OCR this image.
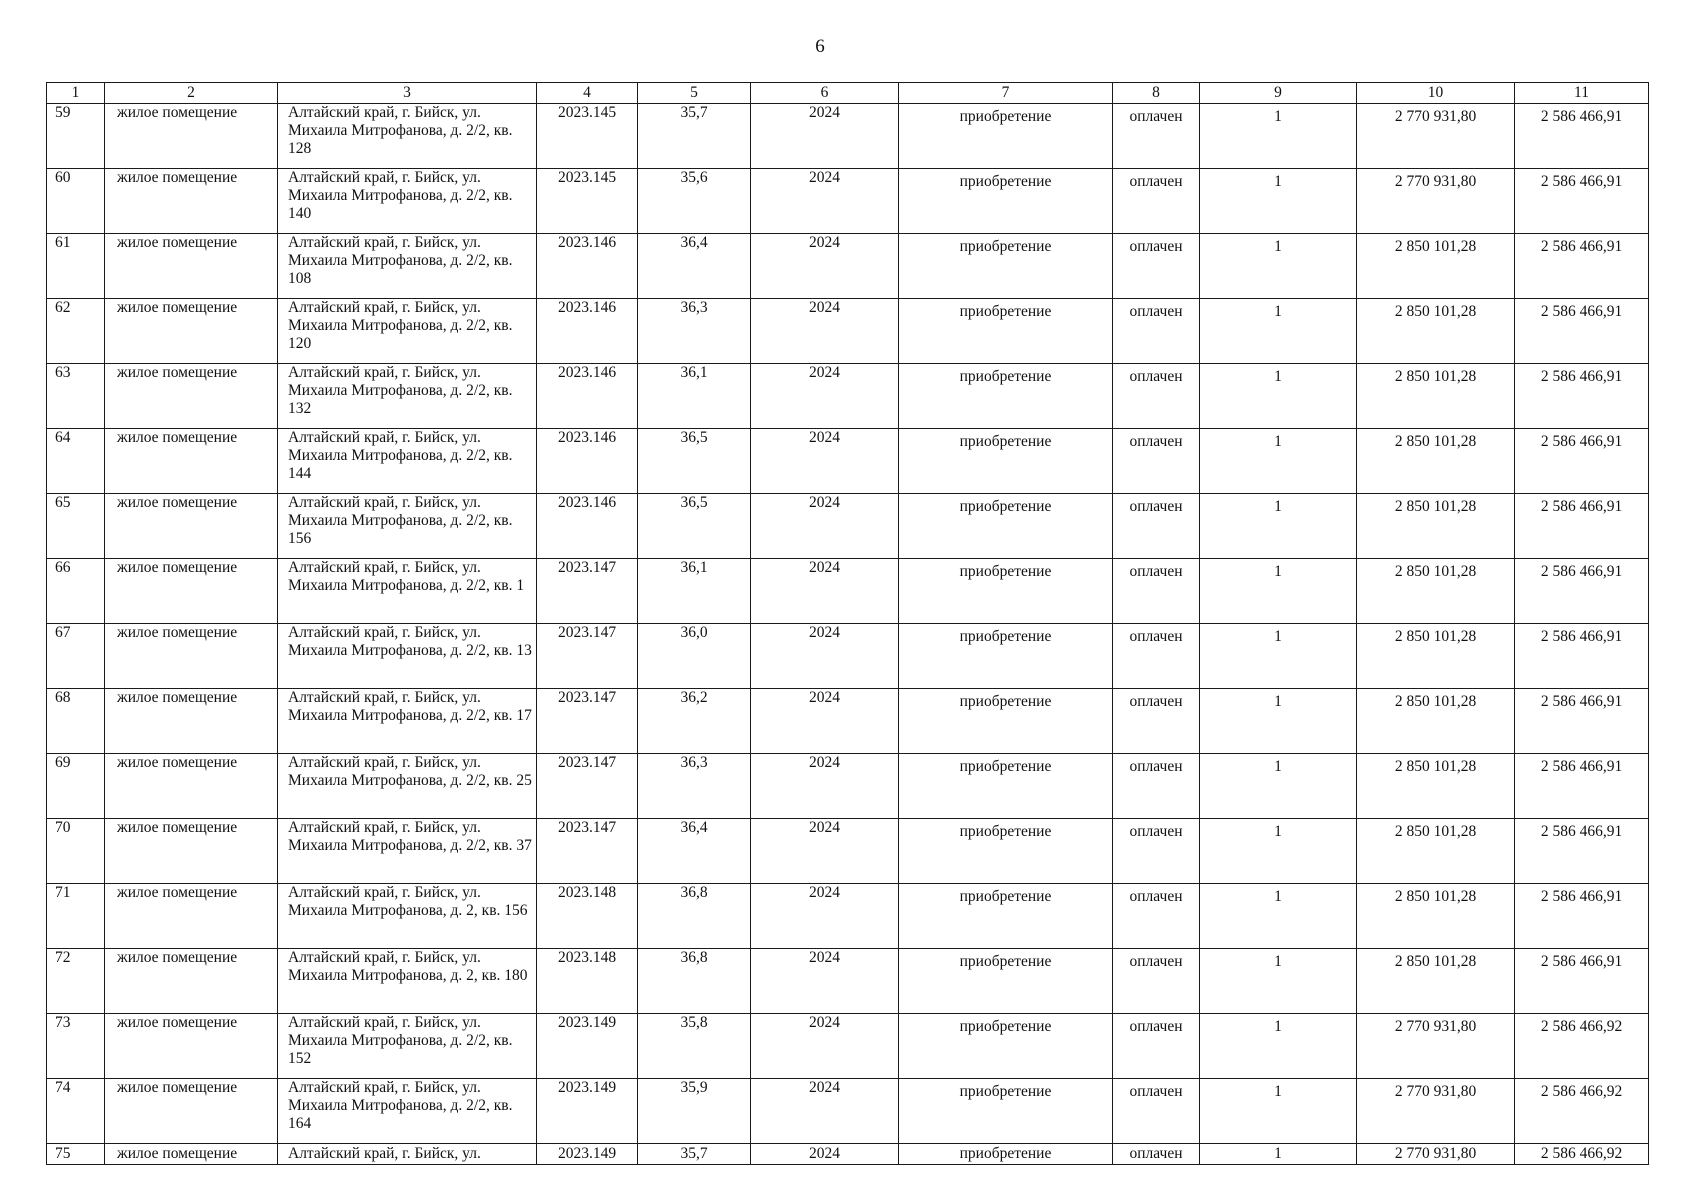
6
1	2	3	4	5	6	7	8	9	10	11
59	жилое помещение	Алтайский край, г. Бийск, ул. Михаила Митрофанова, д. 2/2, кв. 128	2023.145	35,7	2024	приобретение	оплачен	1	2 770 931,80	2 586 466,91
60	жилое помещение	Алтайский край, г. Бийск, ул. Михаила Митрофанова, д. 2/2, кв. 140	2023.145	35,6	2024	приобретение	оплачен	1	2 770 931,80	2 586 466,91
61	жилое помещение	Алтайский край, г. Бийск, ул. Михаила Митрофанова, д. 2/2, кв. 108	2023.146	36,4	2024	приобретение	оплачен	1	2 850 101,28	2 586 466,91
62	жилое помещение	Алтайский край, г. Бийск, ул. Михаила Митрофанова, д. 2/2, кв. 120	2023.146	36,3	2024	приобретение	оплачен	1	2 850 101,28	2 586 466,91
63	жилое помещение	Алтайский край, г. Бийск, ул. Михаила Митрофанова, д. 2/2, кв. 132	2023.146	36,1	2024	приобретение	оплачен	1	2 850 101,28	2 586 466,91
64	жилое помещение	Алтайский край, г. Бийск, ул. Михаила Митрофанова, д. 2/2, кв. 144	2023.146	36,5	2024	приобретение	оплачен	1	2 850 101,28	2 586 466,91
65	жилое помещение	Алтайский край, г. Бийск, ул. Михаила Митрофанова, д. 2/2, кв. 156	2023.146	36,5	2024	приобретение	оплачен	1	2 850 101,28	2 586 466,91
66	жилое помещение	Алтайский край, г. Бийск, ул. Михаила Митрофанова, д. 2/2, кв. 1	2023.147	36,1	2024	приобретение	оплачен	1	2 850 101,28	2 586 466,91
67	жилое помещение	Алтайский край, г. Бийск, ул. Михаила Митрофанова, д. 2/2, кв. 13	2023.147	36,0	2024	приобретение	оплачен	1	2 850 101,28	2 586 466,91
68	жилое помещение	Алтайский край, г. Бийск, ул. Михаила Митрофанова, д. 2/2, кв. 17	2023.147	36,2	2024	приобретение	оплачен	1	2 850 101,28	2 586 466,91
69	жилое помещение	Алтайский край, г. Бийск, ул. Михаила Митрофанова, д. 2/2, кв. 25	2023.147	36,3	2024	приобретение	оплачен	1	2 850 101,28	2 586 466,91
70	жилое помещение	Алтайский край, г. Бийск, ул. Михаила Митрофанова, д. 2/2, кв. 37	2023.147	36,4	2024	приобретение	оплачен	1	2 850 101,28	2 586 466,91
71	жилое помещение	Алтайский край, г. Бийск, ул. Михаила Митрофанова, д. 2, кв. 156	2023.148	36,8	2024	приобретение	оплачен	1	2 850 101,28	2 586 466,91
72	жилое помещение	Алтайский край, г. Бийск, ул. Михаила Митрофанова, д. 2, кв. 180	2023.148	36,8	2024	приобретение	оплачен	1	2 850 101,28	2 586 466,91
73	жилое помещение	Алтайский край, г. Бийск, ул. Михаила Митрофанова, д. 2/2, кв. 152	2023.149	35,8	2024	приобретение	оплачен	1	2 770 931,80	2 586 466,92
74	жилое помещение	Алтайский край, г. Бийск, ул. Михаила Митрофанова, д. 2/2, кв. 164	2023.149	35,9	2024	приобретение	оплачен	1	2 770 931,80	2 586 466,92
75	жилое помещение	Алтайский край, г. Бийск, ул.	2023.149	35,7	2024	приобретение	оплачен	1	2 770 931,80	2 586 466,92
